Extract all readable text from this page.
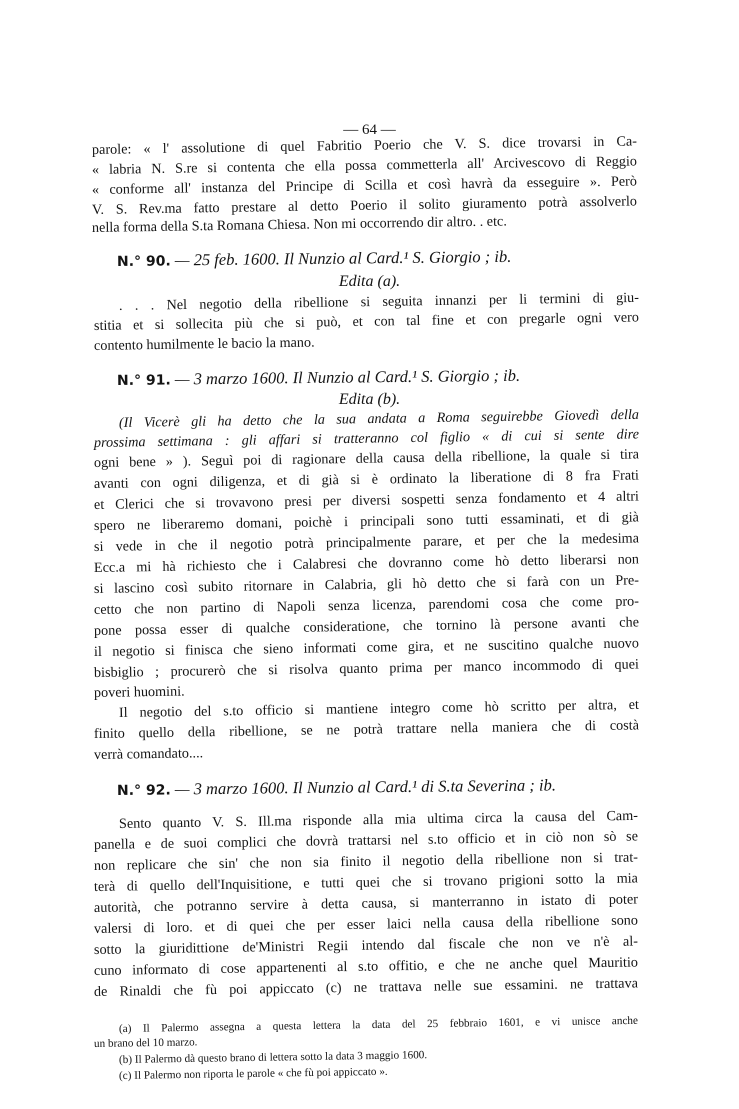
— 64 —
parole: « l' assolutione di quel Fabritio Poerio che V. S. dice trovarsi in Ca-
« labria N. S.re si contenta che ella possa commetterla all' Arcivescovo di Reggio
« conforme all' instanza del Principe di Scilla et così havrà da esseguire ». Però
V. S. Rev.ma fatto prestare al detto Poerio il solito giuramento potrà assolverlo
nella forma della S.ta Romana Chiesa. Non mi occorrendo dir altro. . etc.
N.° 90. — 25 feb. 1600. Il Nunzio al Card.¹ S. Giorgio ; ib.
Edita (a).
. . . Nel negotio della ribellione si seguita innanzi per li termini di giu-
stitia et si sollecita più che si può, et con tal fine et con pregarle ogni vero
contento humilmente le bacio la mano.
N.° 91. — 3 marzo 1600. Il Nunzio al Card.¹ S. Giorgio ; ib.
Edita (b).
(Il Vicerè gli ha detto che la sua andata a Roma seguirebbe Giovedì della
prossima settimana : gli affari si tratteranno col figlio « di cui si sente dire
ogni bene » ). Seguì poi di ragionare della causa della ribellione, la quale si tira
avanti con ogni diligenza, et di già si è ordinato la liberatione di 8 fra Frati
et Clerici che si trovavono presi per diversi sospetti senza fondamento et 4 altri
spero ne liberaremo domani, poichè i principali sono tutti essaminati, et di già
si vede in che il negotio potrà principalmente parare, et per che la medesima
Ecc.a mi hà richiesto che i Calabresi che dovranno come hò detto liberarsi non
si lascino così subito ritornare in Calabria, gli hò detto che si farà con un Pre-
cetto che non partino di Napoli senza licenza, parendomi cosa che come pro-
pone possa esser di qualche consideratione, che tornino là persone avanti che
il negotio si finisca che sieno informati come gira, et ne suscitino qualche nuovo
bisbiglio ; procurerò che si risolva quanto prima per manco incommodo di quei
poveri huomini.
Il negotio del s.to officio si mantiene integro come hò scritto per altra, et
finito quello della ribellione, se ne potrà trattare nella maniera che di costà
verrà comandato....
N.° 92. — 3 marzo 1600. Il Nunzio al Card.¹ di S.ta Severina ; ib.
Sento quanto V. S. Ill.ma risponde alla mia ultima circa la causa del Cam-
panella e de suoi complici che dovrà trattarsi nel s.to officio et in ciò non sò se
non replicare che sin' che non sia finito il negotio della ribellione non si trat-
terà di quello dell'Inquisitione, e tutti quei che si trovano prigioni sotto la mia
autorità, che potranno servire à detta causa, si manterranno in istato di poter
valersi di loro. et di quei che per esser laici nella causa della ribellione sono
sotto la giuridittione de'Ministri Regii intendo dal fiscale che non ve n'è al-
cuno informato di cose appartenenti al s.to offitio, e che ne anche quel Mauritio
de Rinaldi che fù poi appiccato (c) ne trattava nelle sue essamini. ne trattava
(a) Il Palermo assegna a questa lettera la data del 25 febbraio 1601, e vi unisce anche
un brano del 10 marzo.
(b) Il Palermo dà questo brano di lettera sotto la data 3 maggio 1600.
(c) Il Palermo non riporta le parole « che fù poi appiccato ».
